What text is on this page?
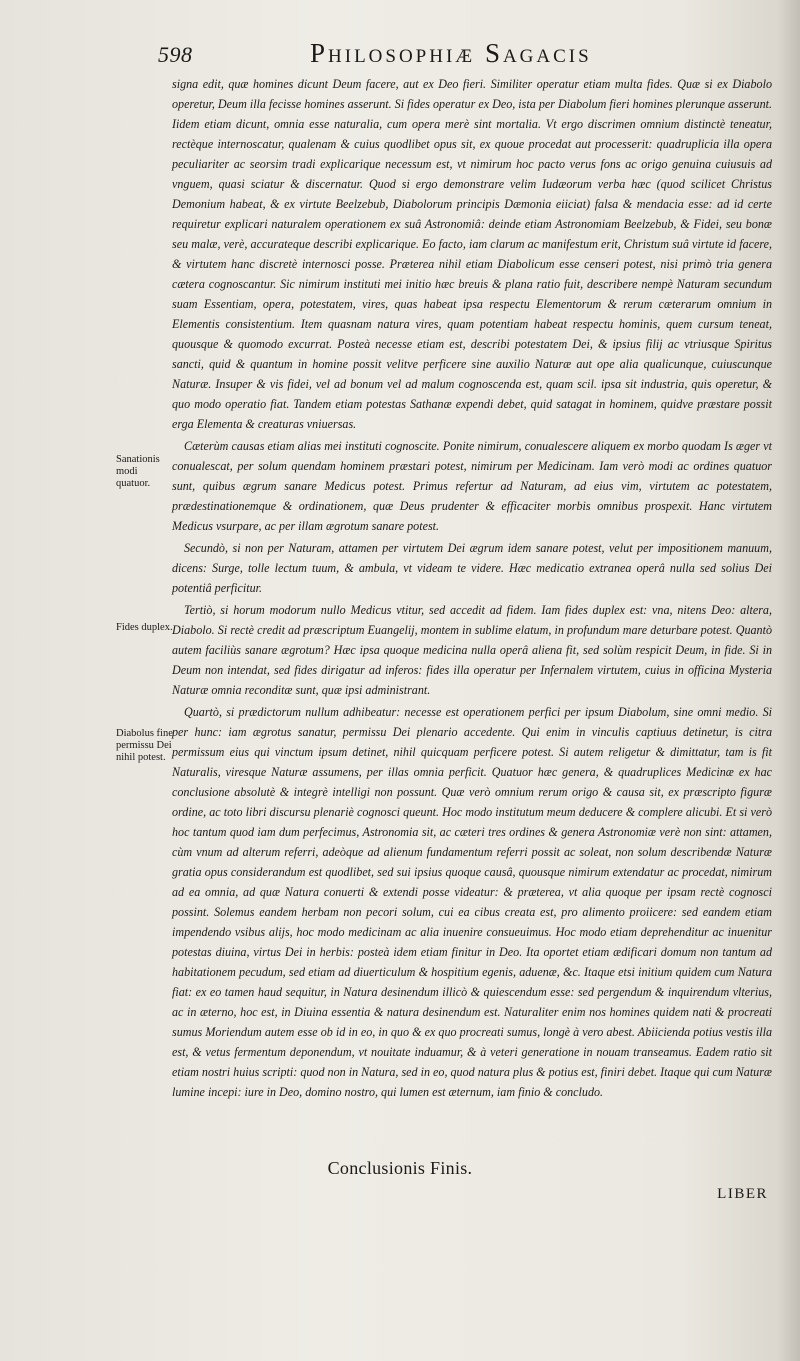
598	Philosophiæ Sagacis
Sanationis modi quatuor.
Fides duplex.
Diabolus fine permissu Dei nihil potest.

signa edit, quæ homines dicunt Deum facere, aut ex Deo fieri. Similiter operatur etiam multa fides. Quæ si ex Diabolo operetur, Deum illa fecisse homines asserunt. Si fides operatur ex Deo, ista per Diabolum fieri homines plerunque asserunt. Iidem etiam dicunt, omnia esse naturalia, cum opera merè sint mortalia. Vt ergo discrimen omnium distinctè teneatur, rectèque internoscatur, qualenam & cuius quodlibet opus sit, ex quoue procedat aut processerit: quadruplicia illa opera peculiariter ac seorsim tradi explicarique necessum est, vt nimirum hoc pacto verus fons ac origo genuina cuiusuis ad vnguem, quasi sciatur & discernatur. Quod si ergo demonstrare velim Iudæorum verba hæc (quod scilicet Christus Demonium habeat, & ex virtute Beelzebub, Diabolorum principis Dæmonia eiiciat) falsa & mendacia esse: ad id certe requiretur explicari naturalem operationem ex suâ Astronomiâ: deinde etiam Astronomiam Beelzebub, & Fidei, seu bonæ seu malæ, verè, accurateque describi explicarique. Eo facto, iam clarum ac manifestum erit, Christum suâ virtute id facere, & virtutem hanc discretè internosci posse. Præterea nihil etiam Diabolicum esse censeri potest, nisi primò tria genera cætera cognoscantur. Sic nimirum instituti mei initio hæc breuis & plana ratio fuit, describere nempè Naturam secundum suam Essentiam, opera, potestatem, vires, quas habeat ipsa respectu Elementorum & rerum cæterarum omnium in Elementis consistentium. Item quasnam natura vires, quam potentiam habeat respectu hominis, quem cursum teneat, quousque & quomodo excurrat. Posteà necesse etiam est, describi potestatem Dei, & ipsius filij ac vtriusque Spiritus sancti, quid & quantum in homine possit velitve perficere sine auxilio Naturæ aut ope alia qualicunque, cuiuscunque Naturæ. Insuper & vis fidei, vel ad bonum vel ad malum cognoscenda est, quam scil. ipsa sit industria, quis operetur, & quo modo operatio fiat. Tandem etiam potestas Sathanæ expendi debet, quid satagat in hominem, quidve præstare possit erga Elementa & creaturas vniuersas.

Cæterùm causas etiam alias mei instituti cognoscite. Ponite nimirum, conualescere aliquem ex morbo quodam Is æger vt conualescat, per solum quendam hominem præstari potest, nimirum per Medicinam. Iam verò modi ac ordines quatuor sunt, quibus ægrum sanare Medicus potest. Primus refertur ad Naturam, ad eius vim, virtutem ac potestatem, prædestinationemque & ordinationem, quæ Deus prudenter & efficaciter morbis omnibus prospexit. Hanc virtutem Medicus vsurpare, ac per illam ægrotum sanare potest.

Secundò, si non per Naturam, attamen per virtutem Dei ægrum idem sanare potest, velut per impositionem manuum, dicens: Surge, tolle lectum tuum, & ambula, vt videam te videre. Hæc medicatio extranea operâ nulla sed solius Dei potentiâ perficitur.

Tertiò, si horum modorum nullo Medicus vtitur, sed accedit ad fidem. Iam fides duplex est: vna, nitens Deo: altera, Diabolo. Si rectè credit ad præscriptum Euangelij, montem in sublime elatum, in profundum mare deturbare potest. Quantò autem faciliùs sanare ægrotum? Hæc ipsa quoque medicina nulla operâ aliena fit, sed solùm respicit Deum, in fide. Si in Deum non intendat, sed fides dirigatur ad inferos: fides illa operatur per Infernalem virtutem, cuius in officina Mysteria Naturæ omnia reconditæ sunt, quæ ipsi administrant.

Quartò, si prædictorum nullum adhibeatur: necesse est operationem perfici per ipsum Diabolum, sine omni medio. Si per hunc: iam ægrotus sanatur, permissu Dei plenario accedente. Qui enim in vinculis captiuus detinetur, is citra permissum eius qui vinctum ipsum detinet, nihil quicquam perficere potest. Si autem religetur & dimittatur, tam is fit Naturalis, viresque Naturæ assumens, per illas omnia perficit. Quatuor hæc genera, & quadruplices Medicinæ ex hac conclusione absolutè & integrè intelligi non possunt. Quæ verò omnium rerum origo & causa sit, ex præscripto figuræ ordine, ac toto libri discursu plenariè cognosci queunt. Hoc modo institutum meum deducere & complere alicubi. Et si verò hoc tantum quod iam dum perfecimus, Astronomia sit, ac cæteri tres ordines & genera Astronomiæ verè non sint: attamen, cùm vnum ad alterum referri, adeòque ad alienum fundamentum referri possit ac soleat, non solum describendæ Naturæ gratia opus considerandum est quodlibet, sed sui ipsius quoque causâ, quousque nimirum extendatur ac procedat, nimirum ad ea omnia, ad quæ Natura conuerti & extendi posse videatur: & præterea, vt alia quoque per ipsam rectè cognosci possint. Solemus eandem herbam non pecori solum, cui ea cibus creata est, pro alimento proiicere: sed eandem etiam impendendo vsibus alijs, hoc modo medicinam ac alia inuenire consueuimus. Hoc modo etiam deprehenditur ac inuenitur potestas diuina, virtus Dei in herbis: posteà idem etiam finitur in Deo. Ita oportet etiam ædificari domum non tantum ad habitationem pecudum, sed etiam ad diuerticulum & hospitium egenis, aduenæ, &c. Itaque etsi initium quidem cum Natura fiat: ex eo tamen haud sequitur, in Natura desinendum illicò & quiescendum esse: sed pergendum & inquirendum vlterius, ac in æterno, hoc est, in Diuina essentia & natura desinendum est. Naturaliter enim nos homines quidem nati & procreati sumus Moriendum autem esse ob id in eo, in quo & ex quo procreati sumus, longè à vero abest. Abiicienda potius vestis illa est, & vetus fermentum deponendum, vt nouitate induamur, & à veteri generatione in nouam transeamus. Eadem ratio sit etiam nostri huius scripti: quod non in Natura, sed in eo, quod natura plus & potius est, finiri debet. Itaque qui cum Naturæ lumine incepi: iure in Deo, domino nostro, qui lumen est æternum, iam finio & concludo.

Conclusionis Finis.
LIBER
